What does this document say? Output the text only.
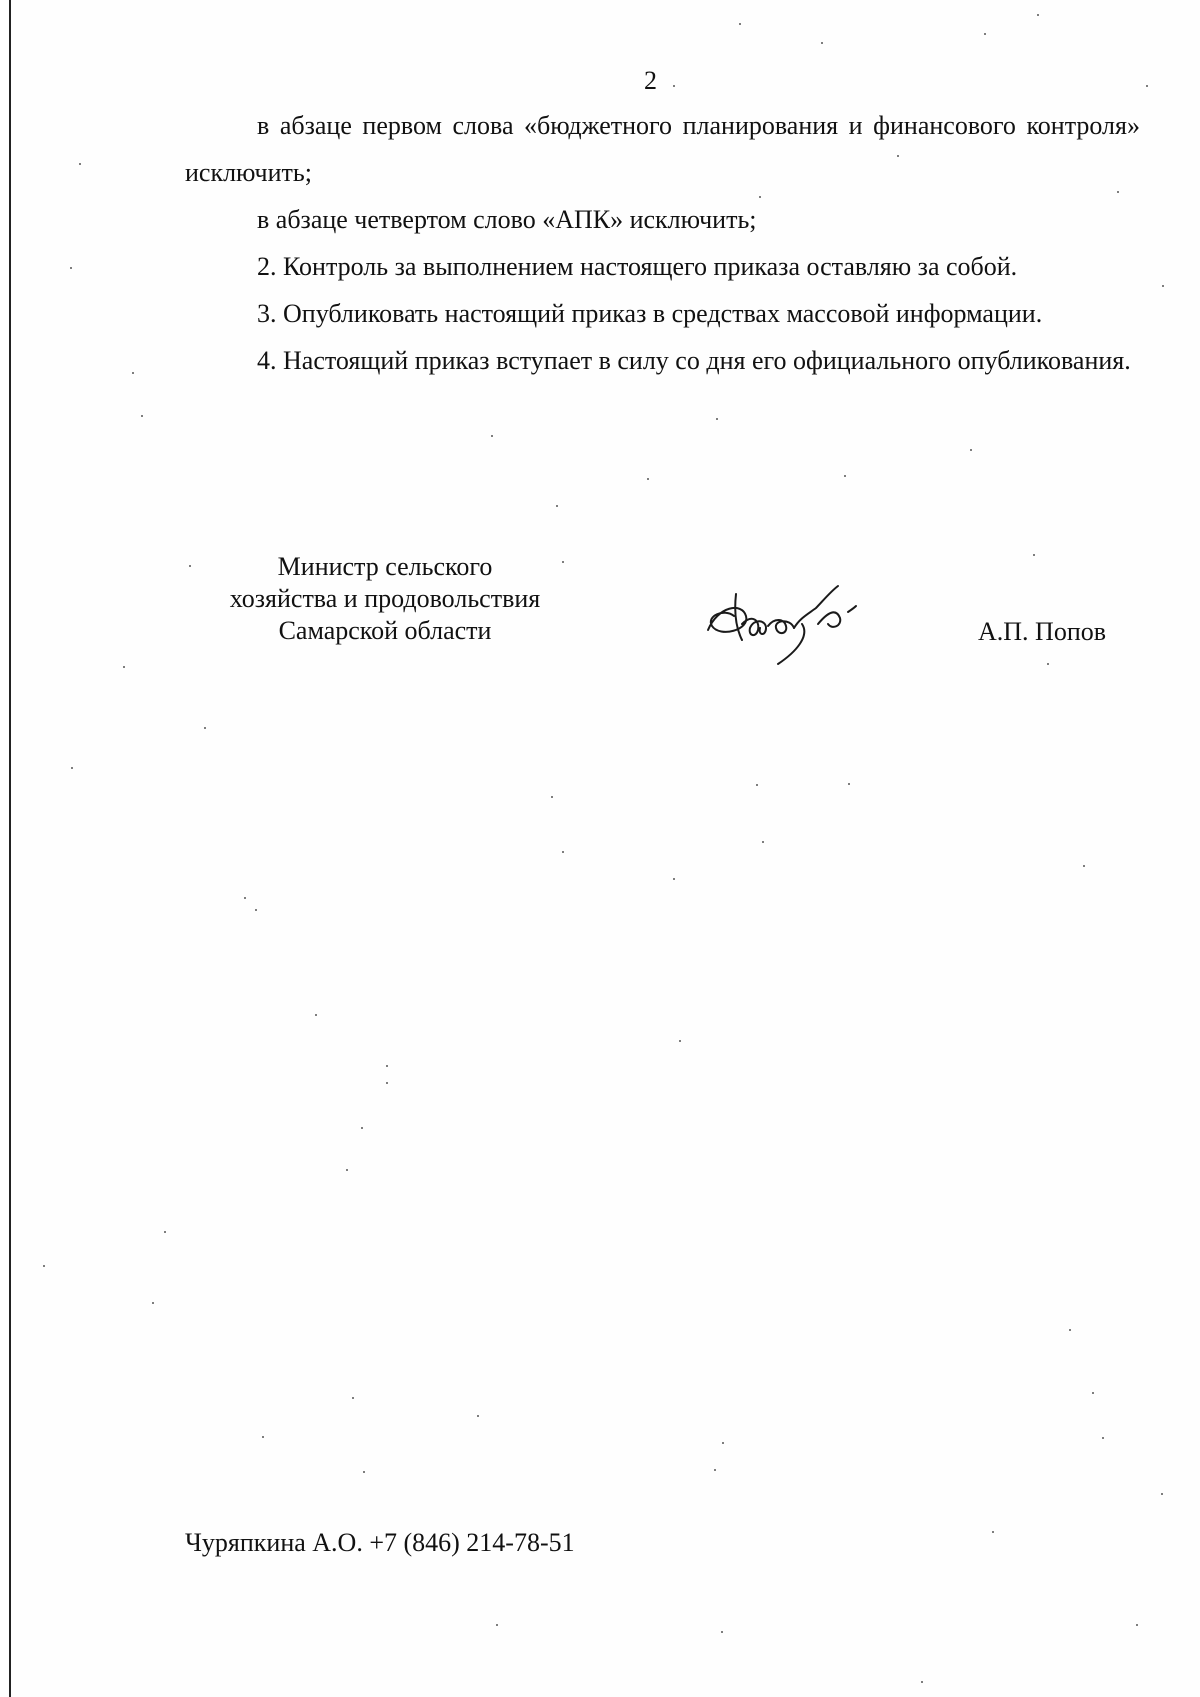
2

в абзаце первом слова «бюджетного планирования и финансового контроля» исключить;

в абзаце четвертом слово «АПК» исключить;

2. Контроль за выполнением настоящего приказа оставляю за собой.

3. Опубликовать настоящий приказ в средствах массовой информации.

4. Настоящий приказ вступает в силу со дня его официального опубликования.

Министр сельского
хозяйства и продовольствия
Самарской области	А.П. Попов
Чуряпкина А.О. +7 (846) 214-78-51
